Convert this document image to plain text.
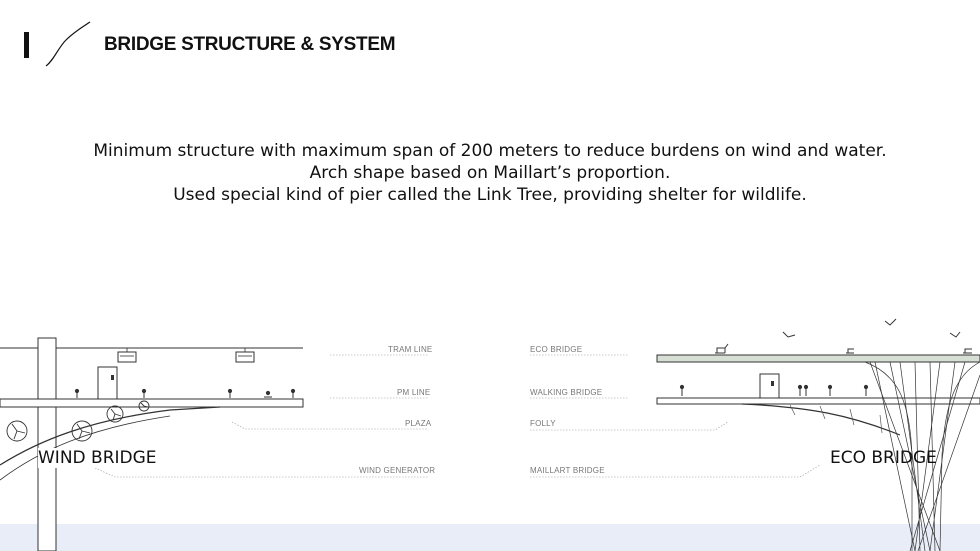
BRIDGE STRUCTURE & SYSTEM
Minimum structure with maximum span of 200 meters to reduce burdens on wind and water.
Arch shape based on Maillart’s proportion.
Used special kind of pier called the Link Tree, providing shelter for wildlife.
TRAM LINE
PM LINE
PLAZA
WIND GENERATOR
WIND BRIDGE
ECO BRIDGE
WALKING BRIDGE
FOLLY
MAILLART BRIDGE
ECO BRIDGE
